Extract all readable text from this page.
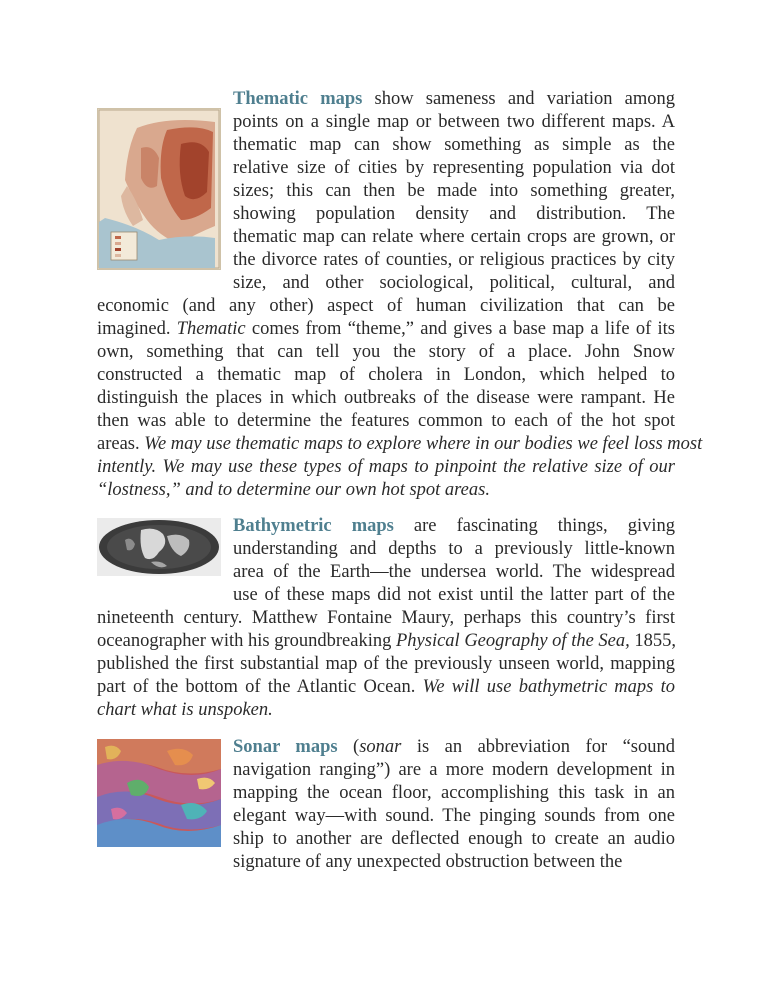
Thematic maps show sameness and variation among
points on a single map or between two different maps. A
thematic map can show something as simple as the
relative size of cities by representing population via dot
sizes; this can then be made into something greater,
showing population density and distribution. The
thematic map can relate where certain crops are grown, or
the divorce rates of counties, or religious practices by city
size, and other sociological, political, cultural, and
economic (and any other) aspect of human civilization that can be
imagined. Thematic comes from “theme,” and gives a base map a life of its
own, something that can tell you the story of a place. John Snow
constructed a thematic map of cholera in London, which helped to
distinguish the places in which outbreaks of the disease were rampant. He
then was able to determine the features common to each of the hot spot
areas. We may use thematic maps to explore where in our bodies we feel loss most
intently. We may use these types of maps to pinpoint the relative size of our
“lostness,” and to determine our own hot spot areas.
Bathymetric maps are fascinating things, giving
understanding and depths to a previously little-known
area of the Earth—the undersea world. The widespread
use of these maps did not exist until the latter part of the
nineteenth century. Matthew Fontaine Maury, perhaps this country’s first
oceanographer with his groundbreaking Physical Geography of the Sea, 1855,
published the first substantial map of the previously unseen world, mapping
part of the bottom of the Atlantic Ocean. We will use bathymetric maps to
chart what is unspoken.
Sonar maps (sonar is an abbreviation for “sound
navigation ranging”) are a more modern development in
mapping the ocean floor, accomplishing this task in an
elegant way—with sound. The pinging sounds from one
ship to another are deflected enough to create an audio
signature of any unexpected obstruction between the
